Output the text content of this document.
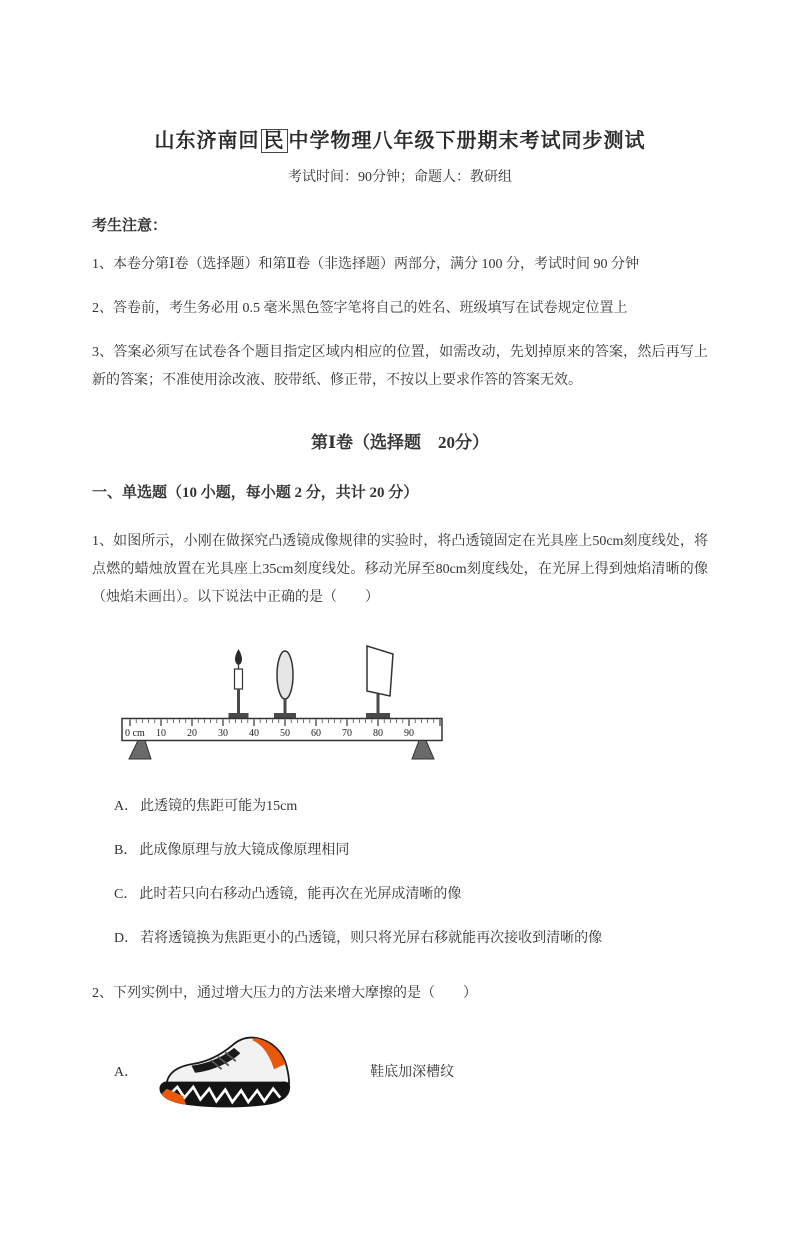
山东济南回 民 中学物理八年级下册期末考试同步测试
考试时间：90分钟；命题人：教研组
考生注意：

1、本卷分第Ⅰ卷（选择题）和第Ⅱ卷（非选择题）两部分，满分 100 分，考试时间 90 分钟

2、答卷前，考生务必用 0.5 毫米黑色签字笔将自己的姓名、班级填写在试卷规定位置上

3、答案必须写在试卷各个题目指定区域内相应的位置，如需改动，先划掉原来的答案，然后再写上新的答案；不准使用涂改液、胶带纸、修正带，不按以上要求作答的答案无效。

第Ⅰ卷（选择题　20分）
一、单选题（10 小题，每小题 2 分，共计 20 分）

1、如图所示，小刚在做探究凸透镜成像规律的实验时，将凸透镜固定在光具座上50cm刻度线处，将点燃的蜡烛放置在光具座上35cm刻度线处。移动光屏至80cm刻度线处，在光屏上得到烛焰清晰的像（烛焰未画出）。以下说法中正确的是（　　）

0 cm 10 20 30 40 50 60 70 80 90
A． 此透镜的焦距可能为15cm
B． 此成像原理与放大镜成像原理相同
C． 此时若只向右移动凸透镜，能再次在光屏成清晰的像
D． 若将透镜换为焦距更小的凸透镜，则只将光屏右移就能再次接收到清晰的像

2、下列实例中，通过增大压力的方法来增大摩擦的是（　　）

A．	鞋底加深槽纹
